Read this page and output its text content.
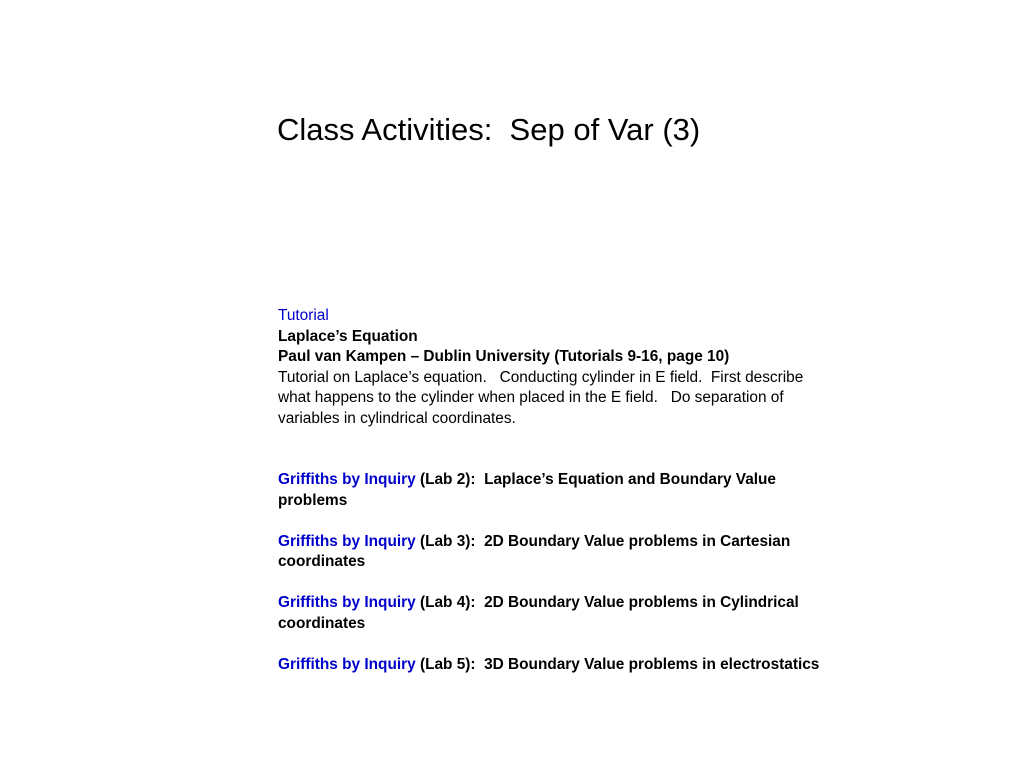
Class Activities:  Sep of Var (3)
Tutorial
Laplace’s Equation
Paul van Kampen – Dublin University (Tutorials 9-16, page 10)
Tutorial on Laplace’s equation.   Conducting cylinder in E field.  First describe
what happens to the cylinder when placed in the E field.   Do separation of
variables in cylindrical coordinates.
Griffiths by Inquiry (Lab 2):  Laplace’s Equation and Boundary Value
problems
Griffiths by Inquiry (Lab 3):  2D Boundary Value problems in Cartesian
coordinates
Griffiths by Inquiry (Lab 4):  2D Boundary Value problems in Cylindrical
coordinates
Griffiths by Inquiry (Lab 5):  3D Boundary Value problems in electrostatics
